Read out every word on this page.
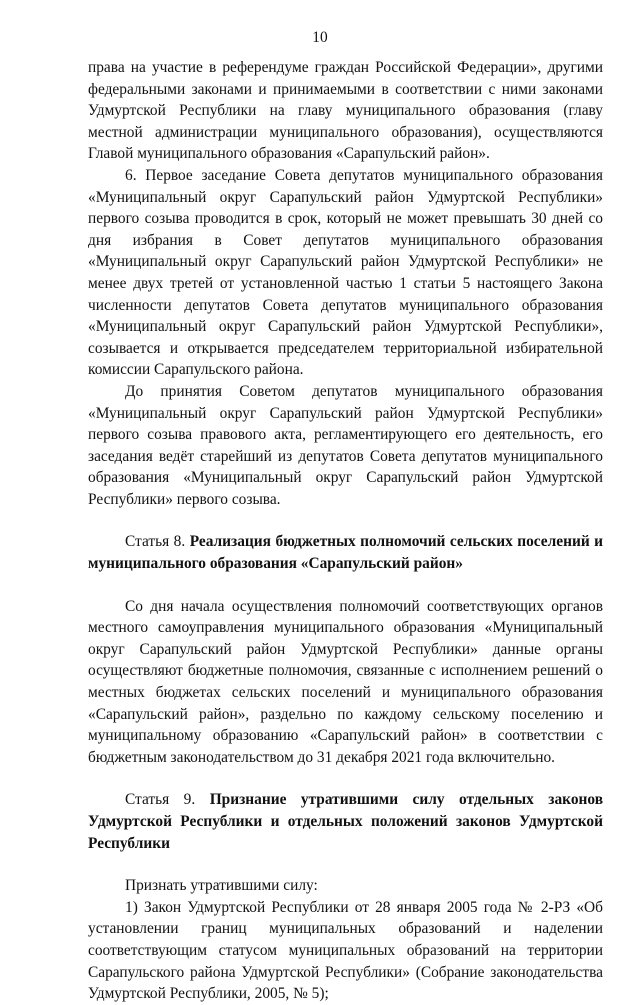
10

права на участие в референдуме граждан Российской Федерации», другими федеральными законами и принимаемыми в соответствии с ними законами Удмуртской Республики на главу муниципального образования (главу местной администрации муниципального образования), осуществляются Главой муниципального образования «Сарапульский район».

6. Первое заседание Совета депутатов муниципального образования «Муниципальный округ Сарапульский район Удмуртской Республики» первого созыва проводится в срок, который не может превышать 30 дней со дня избрания в Совет депутатов муниципального образования «Муниципальный округ Сарапульский район Удмуртской Республики» не менее двух третей от установленной частью 1 статьи 5 настоящего Закона численности депутатов Совета депутатов муниципального образования «Муниципальный округ Сарапульский район Удмуртской Республики», созывается и открывается председателем территориальной избирательной комиссии Сарапульского района.

До принятия Советом депутатов муниципального образования «Муниципальный округ Сарапульский район Удмуртской Республики» первого созыва правового акта, регламентирующего его деятельность, его заседания ведёт старейший из депутатов Совета депутатов муниципального образования «Муниципальный округ Сарапульский район Удмуртской Республики» первого созыва.

Статья 8. Реализация бюджетных полномочий сельских поселений и муниципального образования «Сарапульский район»

Со дня начала осуществления полномочий соответствующих органов местного самоуправления муниципального образования «Муниципальный округ Сарапульский район Удмуртской Республики» данные органы осуществляют бюджетные полномочия, связанные с исполнением решений о местных бюджетах сельских поселений и муниципального образования «Сарапульский район», раздельно по каждому сельскому поселению и муниципальному образованию «Сарапульский район» в соответствии с бюджетным законодательством до 31 декабря 2021 года включительно.

Статья 9. Признание утратившими силу отдельных законов Удмуртской Республики и отдельных положений законов Удмуртской Республики

Признать утратившими силу:

1) Закон Удмуртской Республики от 28 января 2005 года № 2-РЗ «Об установлении границ муниципальных образований и наделении соответствующим статусом муниципальных образований на территории Сарапульского района Удмуртской Республики» (Собрание законодательства Удмуртской Республики, 2005, № 5);
